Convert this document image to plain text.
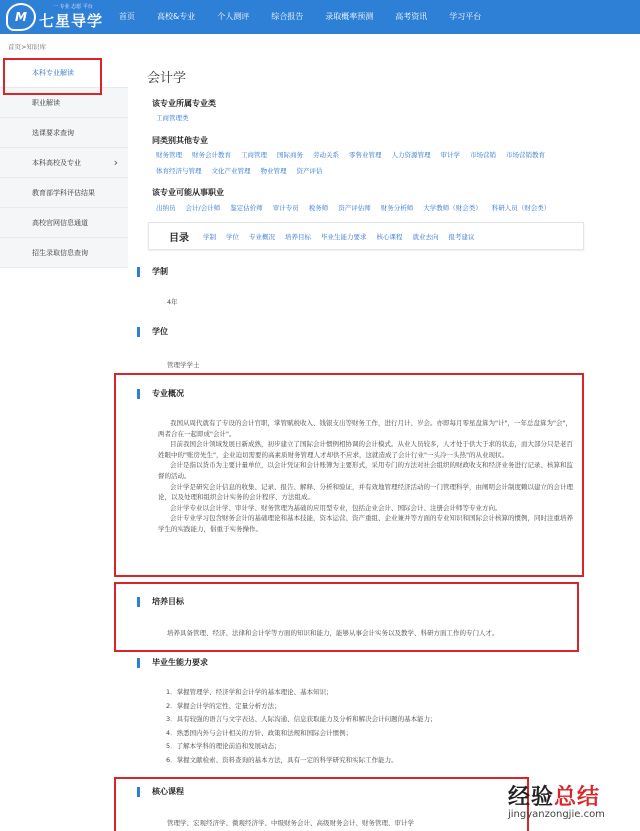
M
一 专业 志愿 平台
七星导学	首页	高校&专业	个人测评	综合报告	录取概率预测	高考资讯	学习平台
首页>知识库
本科专业解读
职业解读
选课要求查询
本科高校及专业	›
教育部学科评估结果
高校官网信息通道
招生录取信息查询
会计学
该专业所属专业类
工商管理类
同类别其他专业
财务管理 财务会计教育 工商管理 国际商务 劳动关系 零售业管理 人力资源管理 审计学 市场营销 市场营销教育
体育经济与管理 文化产业管理 物业管理 资产评估
该专业可能从事职业
出纳员 会计/会计师 鉴定估价师 审计专员 税务师 资产评估师 财务分析师 大学教师（财会类） 科研人员（财会类）
目录 学制 学位 专业概况 培养目标 毕业生能力要求 核心课程 就业去向 报考建议
学制
4年
学位
管理学学士
专业概况

我国从周代就有了专设的会计官职，掌管赋税收入、钱银支出等财务工作，进行月计、岁会。亦即每月零星盘算为"计"，一年总盘算为"会"，两者合在一起即成"会计"。

目前我国会计领域发展日新成熟，初步建立了国际会计惯例相协调的会计模式。从业人员较多，人才处于供大于求的状态，而大部分只是老百姓眼中的"账房先生"，企业迫切需要的高素质财务管理人才却供不应求，这就造成了会计行业"一头冷一头热"的从业现状。

会计是指以货币为主要计量单位，以会计凭证和会计账簿为主要形式，采用专门的方法对社会组织的财政收支和经济业务进行记录、核算和监督的活动。

会计学是研究会计信息的收集、记录、报告、解释、分析和验证，并有效地管理经济活动的一门管理科学，由阐明会计制度赖以建立的会计理论，以及处理和组织会计实务的会计程序、方法组成。

会计学专业以会计学、审计学、财务管理为基础的应用型专业，包括企业会计、国际会计、注册会计师等专业方向。

会计专业学习包含财务会计的基础理论和基本技能，资本运营、资产重组、企业兼并等方面的专业知识和国际会计核算的惯例，同时注重培养学生的实践能力，倡重于实务操作。

培养目标
培养具备管理、经济、法律和会计学等方面的知识和能力，能够从事会计实务以及教学、科研方面工作的专门人才。
毕业生能力要求
1．掌握管理学、经济学和会计学的基本理论、基本知识；
2．掌握会计学的定性、定量分析方法；
3．具有较强的语言与文字表达、人际沟通、信息获取能力及分析和解决会计问题的基本能力；
4．熟悉国内外与会计相关的方针、政策和法规和国际会计惯例；
5．了解本学科的理论前沿和发展动态；
6．掌握文献检索、资料查询的基本方法，具有一定的科学研究和实际工作能力。
核心课程
管理学、宏观经济学、微观经济学、中级财务会计、高级财务会计、财务管理、审计学
经验总结
jingyanzongjie.com
